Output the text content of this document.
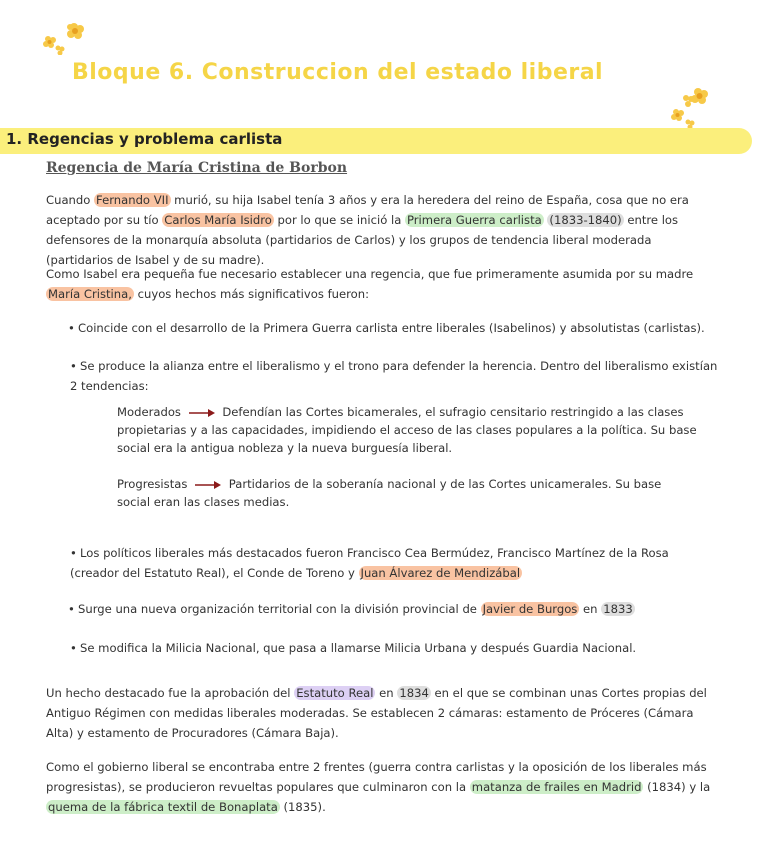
Bloque 6. Construccion del estado liberal
1. Regencias y problema carlista
Regencia de María Cristina de Borbon
Cuando Fernando VII murió, su hija Isabel tenía 3 años y era la heredera del reino de España, cosa que no era aceptado por su tío Carlos María Isidro por lo que se inició la Primera Guerra carlista (1833-1840) entre los defensores de la monarquía absoluta (partidarios de Carlos) y los grupos de tendencia liberal moderada (partidarios de Isabel y de su madre).
Como Isabel era pequeña fue necesario establecer una regencia, que fue primeramente asumida por su madre María Cristina, cuyos hechos más significativos fueron:
• Coincide con el desarrollo de la Primera Guerra carlista entre liberales (Isabelinos) y absolutistas (carlistas).
• Se produce la alianza entre el liberalismo y el trono para defender la herencia. Dentro del liberalismo existían 2 tendencias:
Moderados	Defendían las Cortes bicamerales, el sufragio censitario restringido a las clases propietarias y a las capacidades, impidiendo el acceso de las clases populares a la política. Su base social era la antigua nobleza y la nueva burguesía liberal.
Progresistas	Partidarios de la soberanía nacional y de las Cortes unicamerales. Su base social eran las clases medias.
• Los políticos liberales más destacados fueron Francisco Cea Bermúdez, Francisco Martínez de la Rosa (creador del Estatuto Real), el Conde de Toreno y Juan Álvarez de Mendizábal
• Surge una nueva organización territorial con la división provincial de Javier de Burgos en 1833
• Se modifica la Milicia Nacional, que pasa a llamarse Milicia Urbana y después Guardia Nacional.
Un hecho destacado fue la aprobación del Estatuto Real en 1834 en el que se combinan unas Cortes propias del Antiguo Régimen con medidas liberales moderadas. Se establecen 2 cámaras: estamento de Próceres (Cámara Alta) y estamento de Procuradores (Cámara Baja).
Como el gobierno liberal se encontraba entre 2 frentes (guerra contra carlistas y la oposición de los liberales más progresistas), se producieron revueltas populares que culminaron con la matanza de frailes en Madrid (1834) y la quema de la fábrica textil de Bonaplata (1835).
